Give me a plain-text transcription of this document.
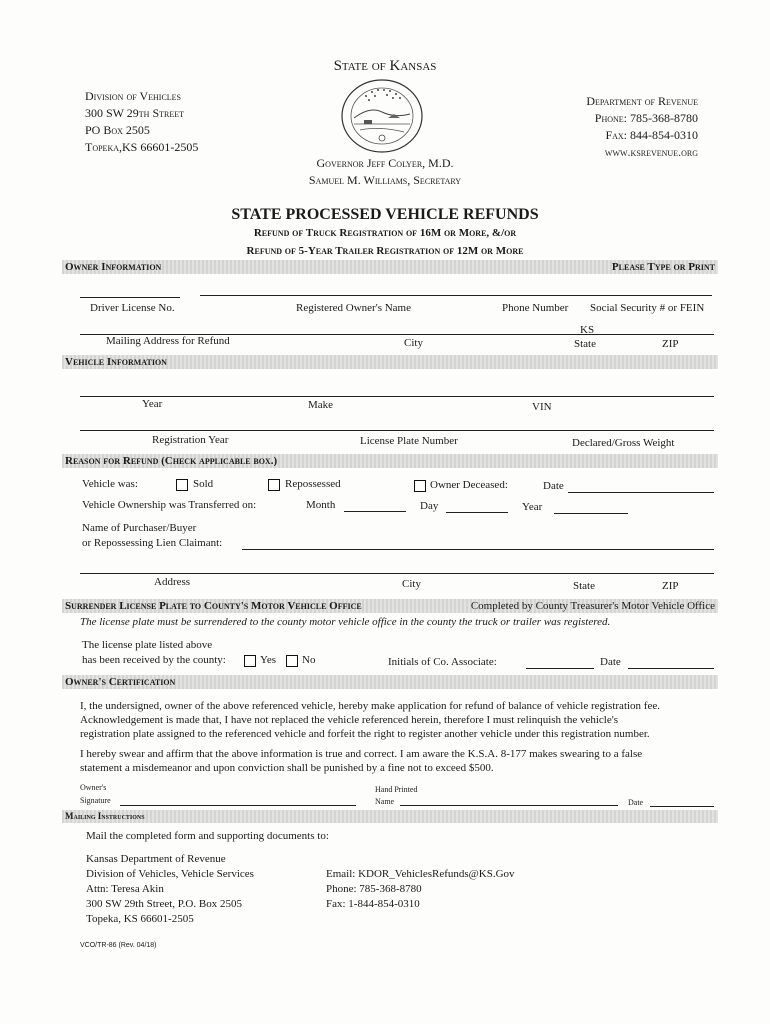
State of Kansas
Division of Vehicles
300 SW 29th Street
PO Box 2505
Topeka,KS 66601-2505
Department of Revenue
Phone: 785-368-8780
Fax: 844-854-0310
www.ksrevenue.org
Governor Jeff Colyer, M.D.
Samuel M. Williams, Secretary
STATE PROCESSED VEHICLE REFUNDS
Refund of Truck Registration of 16M or More, &/or
Refund of 5-Year Trailer Registration of 12M or More
Owner Information	Please Type or Print
Driver License No.	Registered Owner's Name	Phone Number Social Security # or FEIN
KS
Mailing Address for Refund	City	State	ZIP
Vehicle Information
Year	Make	VIN
Registration Year	License Plate Number	Declared/Gross Weight
Reason for Refund (Check applicable box.)
Vehicle was:	Sold	Repossessed	Owner Deceased:	Date
Vehicle Ownership was Transferred on:	Month	Day	Year
Name of Purchaser/Buyer
or Repossessing Lien Claimant:
Address	City	State	ZIP
Surrender License Plate to County's Motor Vehicle Office	Completed by County Treasurer's Motor Vehicle Office
The license plate must be surrendered to the county motor vehicle office in the county the truck or trailer was registered.
The license plate listed above
has been received by the county:	Yes No	Initials of Co. Associate:	Date
Owner's Certification
I, the undersigned, owner of the above referenced vehicle, hereby make application for refund of balance of vehicle registration fee.
Acknowledgement is made that, I have not replaced the vehicle referenced herein, therefore I must relinquish the vehicle's
registration plate assigned to the referenced vehicle and forfeit the right to register another vehicle under this registration number.
I hereby swear and affirm that the above information is true and correct. I am aware the K.S.A. 8-177 makes swearing to a false
statement a misdemeanor and upon conviction shall be punished by a fine not to exceed $500.
Owner's
Signature
Hand Printed
Name	Date
Mailing Instructions
Mail the completed form and supporting documents to:
Kansas Department of Revenue
Division of Vehicles, Vehicle Services
Attn: Teresa Akin
300 SW 29th Street, P.O. Box 2505
Topeka, KS 66601-2505
Email: KDOR_VehiclesRefunds@KS.Gov
Phone: 785-368-8780
Fax: 1-844-854-0310
VCO/TR-86 (Rev. 04/18)
